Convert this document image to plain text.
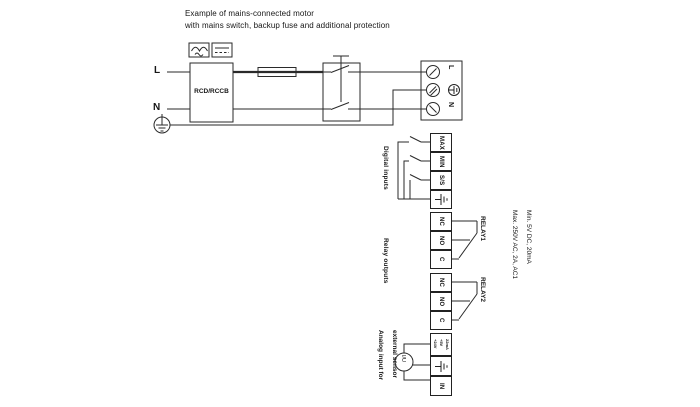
Example of mains-connected motor
with mains switch, backup fuse and additional protection
L
N
RCD/RCCB
L
N
Digital inputs
MAX
MIN
S/S
Relay outputs
NC
NO
C
RELAY1
NC
NO
C
RELAY2
Max. 250V AC, 2A, AC1	Min. 5V DC, 20mA
Analog input for	external sensor	+24V +5V 22mA
IN
I/U
